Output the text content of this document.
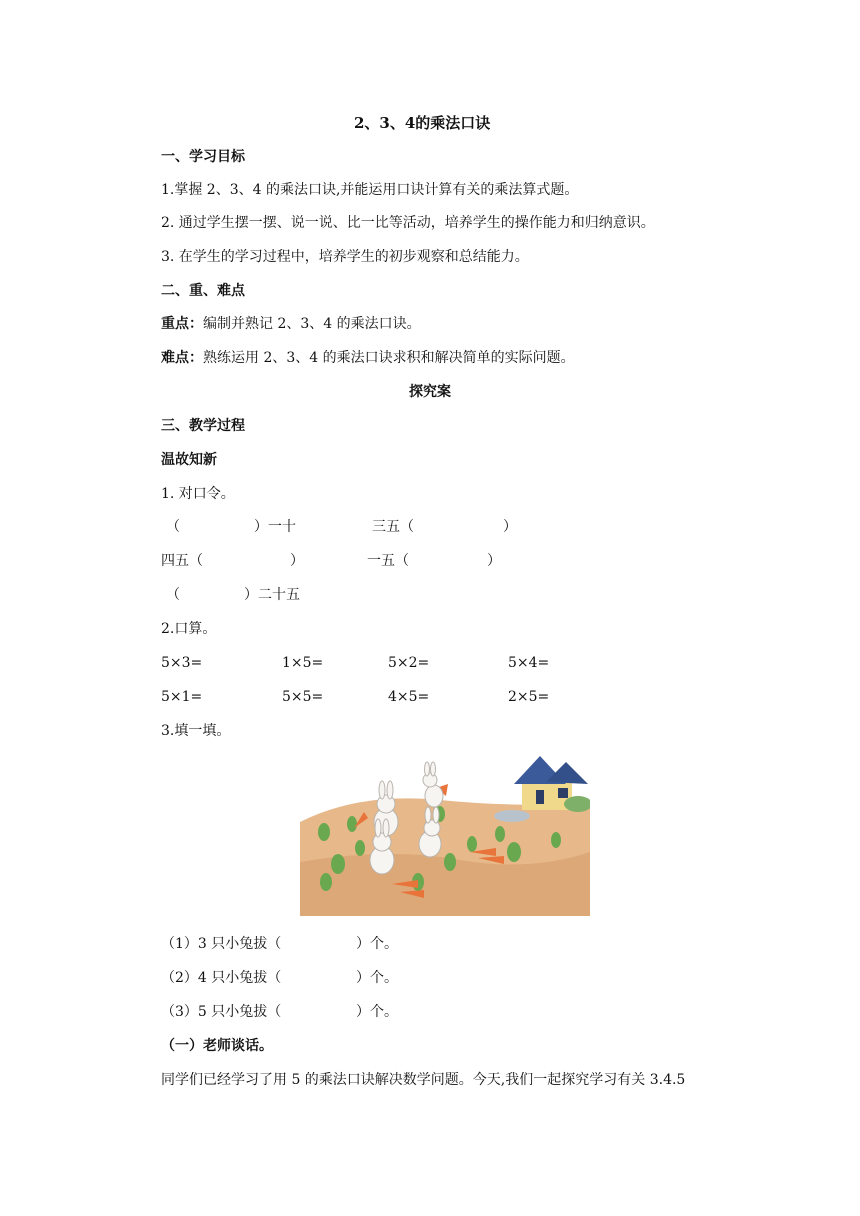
2、3、4的乘法口诀
一、学习目标
1.掌握 2、3、4 的乘法口诀,并能运用口诀计算有关的乘法算式题。
2. 通过学生摆一摆、说一说、比一比等活动，培养学生的操作能力和归纳意识。
3. 在学生的学习过程中，培养学生的初步观察和总结能力。
二、重、难点
重点：编制并熟记 2、3、4 的乘法口诀。
难点：熟练运用 2、3、4 的乘法口诀求积和解决简单的实际问题。
探究案
三、教学过程
温故知新
1. 对口令。
（	）一十	三五（	）
四五（	）	一五（	）
（	）二十五
2.口算。
5×3=	1×5=	5×2=	5×4=
5×1=	5×5=	4×5=	2×5=
3.填一填。
（1）3 只小兔拔（	）个。
（2）4 只小兔拔（	）个。
（3）5 只小兔拔（	）个。
（一）老师谈话。
同学们已经学习了用 5 的乘法口诀解决数学问题。今天,我们一起探究学习有关 3.4.5
